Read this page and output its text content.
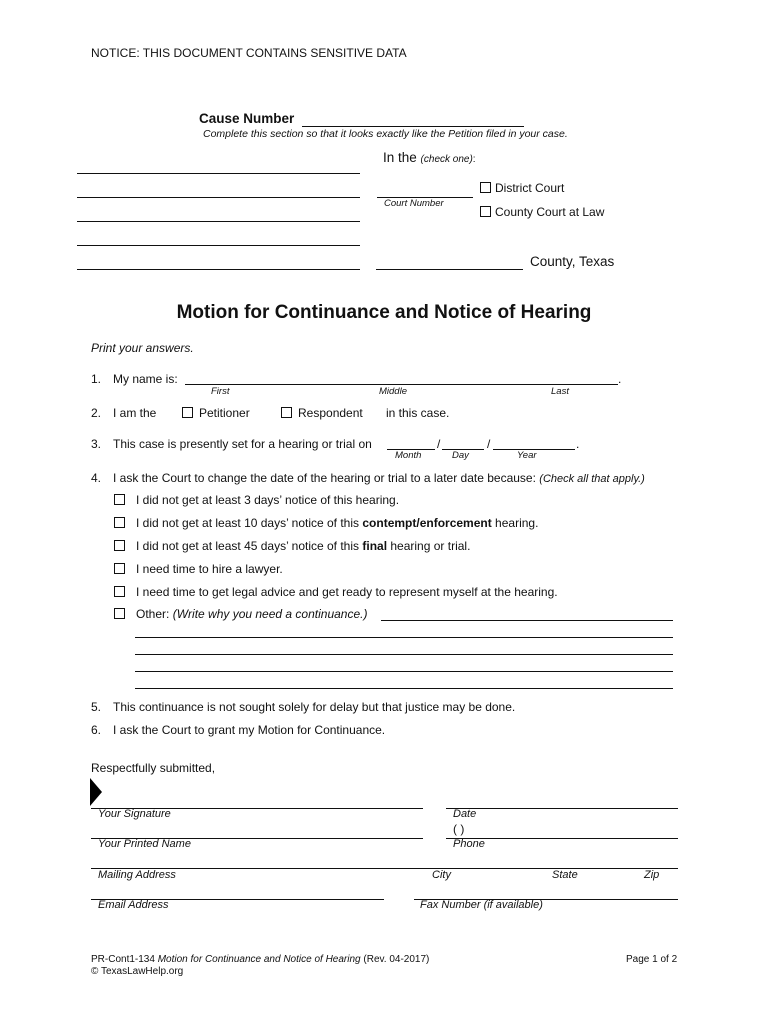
NOTICE: THIS DOCUMENT CONTAINS SENSITIVE DATA
Cause Number
Complete this section so that it looks exactly like the Petition filed in your case.
In the (check one):
Court Number
District Court
County Court at Law
County, Texas
Motion for Continuance and Notice of Hearing
Print your answers.
1. My name is:	.
First	Middle	Last
2. I am the	Petitioner	Respondent in this case.
3. This case is presently set for a hearing or trial on	/	/	.
Month	Day	Year
4. I ask the Court to change the date of the hearing or trial to a later date because: (Check all that apply.)
I did not get at least 3 days’ notice of this hearing.
I did not get at least 10 days’ notice of this contempt/enforcement hearing.
I did not get at least 45 days’ notice of this final hearing or trial.
I need time to hire a lawyer.
I need time to get legal advice and get ready to represent myself at the hearing.
Other: (Write why you need a continuance.)
5. This continuance is not sought solely for delay but that justice may be done.
6. I ask the Court to grant my Motion for Continuance.
Respectfully submitted,
Your Signature	Date
( )
Your Printed Name	Phone
Mailing Address	City	State	Zip
Email Address	Fax Number (if available)
PR-Cont1-134 Motion for Continuance and Notice of Hearing (Rev. 04-2017)
© TexasLawHelp.org
Page 1 of 2
